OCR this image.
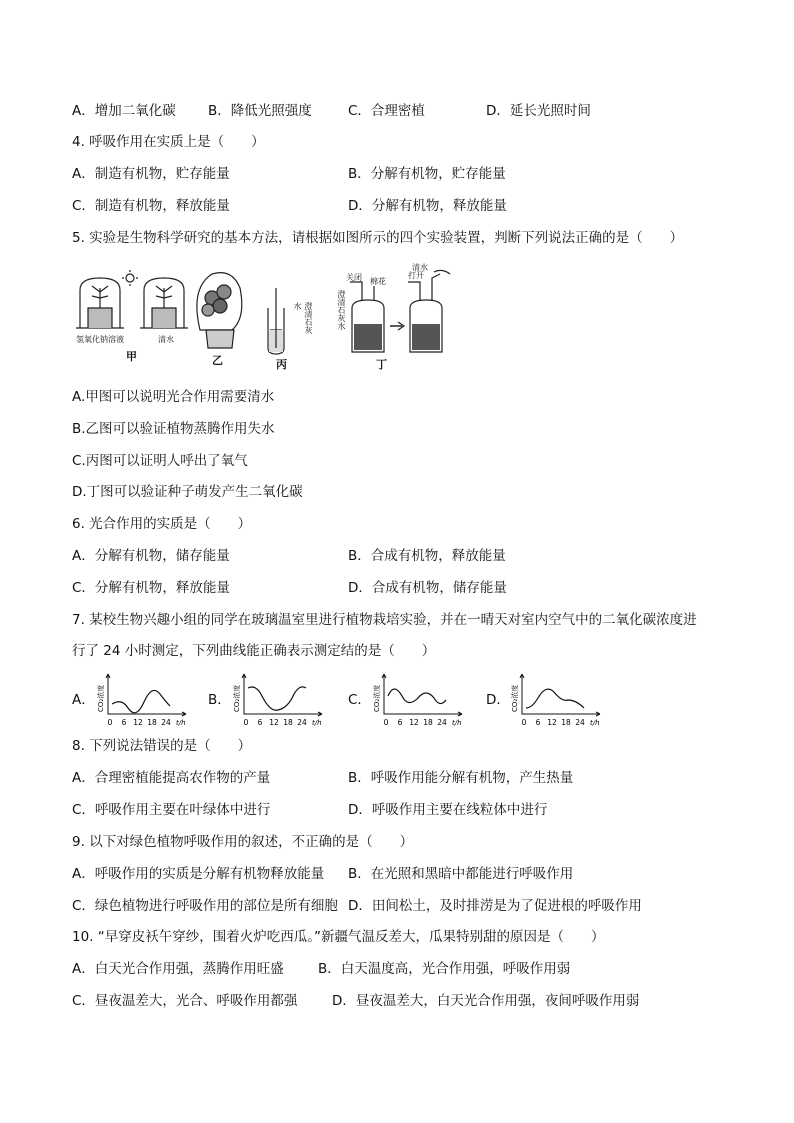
A．增加二氧化碳 B．降低光照强度	C．合理密植	D．延长光照时间
4. 呼吸作用在实质上是（　　）
A．制造有机物，贮存能量	B．分解有机物，贮存能量
C．制造有机物，释放能量	D．分解有机物，释放能量
5. 实验是生物科学研究的基本方法，请根据如图所示的四个实验装置，判断下列说法正确的是（　　）
氢氧化钠溶液	清水
甲	乙
澄清石灰水
丙
关闭 棉花
清水
打开
澄清石灰水
丁
A.甲图可以说明光合作用需要清水
B.乙图可以验证植物蒸腾作用失水
C.丙图可以证明人呼出了氧气
D.丁图可以验证种子萌发产生二氧化碳
6. 光合作用的实质是（　　）
A．分解有机物，储存能量	B．合成有机物，释放能量
C．分解有机物，释放能量	D．合成有机物，储存能量
7. 某校生物兴趣小组的同学在玻璃温室里进行植物栽培实验，并在一晴天对室内空气中的二氧化碳浓度进
行了 24 小时测定，下列曲线能正确表示测定结的是（　　）
A．
0 6 12 18 24 t/h
CO₂浓度	B．
0 6 12 18 24 t/h
CO₂浓度	C．
0 6 12 18 24 t/h
CO₂浓度	D．
0 6 12 18 24 t/h
CO₂浓度
8. 下列说法错误的是（　　）
A．合理密植能提高农作物的产量	B．呼吸作用能分解有机物，产生热量
C．呼吸作用主要在叶绿体中进行	D．呼吸作用主要在线粒体中进行
9. 以下对绿色植物呼吸作用的叙述，不正确的是（　　）
A．呼吸作用的实质是分解有机物释放能量 B．在光照和黑暗中都能进行呼吸作用
C．绿色植物进行呼吸作用的部位是所有细胞 D．田间松土，及时排涝是为了促进根的呼吸作用
10. “早穿皮袄午穿纱，围着火炉吃西瓜。”新疆气温反差大，瓜果特别甜的原因是（　　）
A．白天光合作用强，蒸腾作用旺盛	B．白天温度高，光合作用强，呼吸作用弱
C．昼夜温差大，光合、呼吸作用都强	D．昼夜温差大，白天光合作用强，夜间呼吸作用弱
